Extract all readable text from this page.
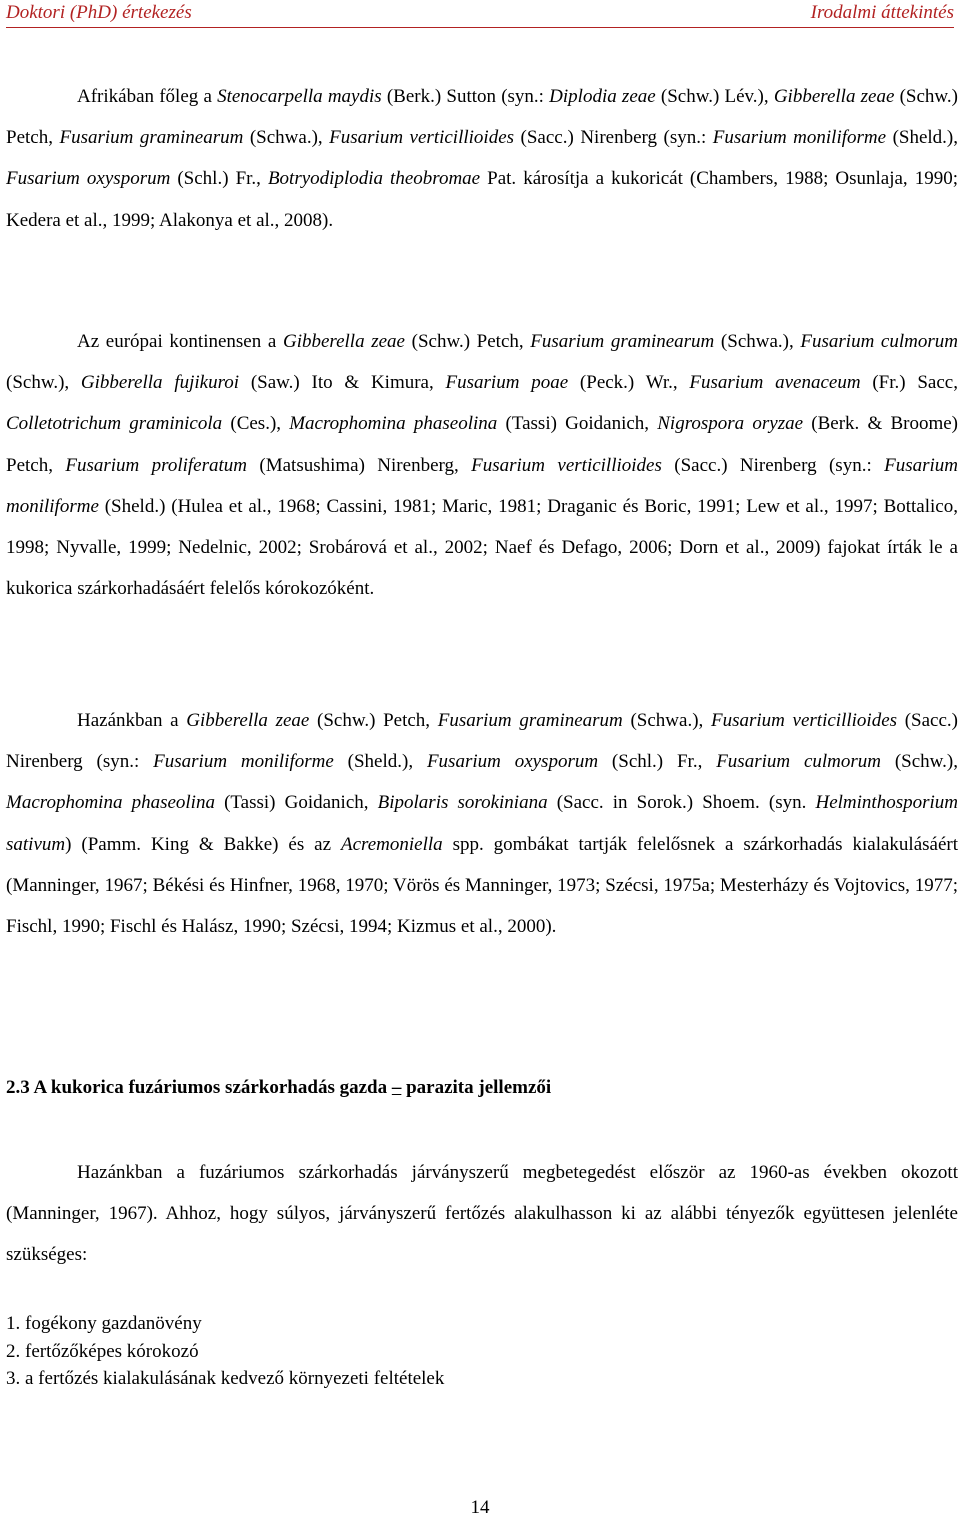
Doktori (PhD) értekezés	Irodalmi áttekintés

Afrikában főleg a Stenocarpella maydis (Berk.) Sutton (syn.: Diplodia zeae (Schw.) Lév.), Gibberella zeae (Schw.) Petch, Fusarium graminearum (Schwa.), Fusarium verticillioides (Sacc.) Nirenberg (syn.: Fusarium moniliforme (Sheld.), Fusarium oxysporum (Schl.) Fr., Botryodiplodia theobromae Pat. károsítja a kukoricát (Chambers, 1988; Osunlaja, 1990; Kedera et al., 1999; Alakonya et al., 2008).

Az európai kontinensen a Gibberella zeae (Schw.) Petch, Fusarium graminearum (Schwa.), Fusarium culmorum (Schw.), Gibberella fujikuroi (Saw.) Ito & Kimura, Fusarium poae (Peck.) Wr., Fusarium avenaceum (Fr.) Sacc, Colletotrichum graminicola (Ces.), Macrophomina phaseolina (Tassi) Goidanich, Nigrospora oryzae (Berk. & Broome) Petch, Fusarium proliferatum (Matsushima) Nirenberg, Fusarium verticillioides (Sacc.) Nirenberg (syn.: Fusarium moniliforme (Sheld.) (Hulea et al., 1968; Cassini, 1981; Maric, 1981; Draganic és Boric, 1991; Lew et al., 1997; Bottalico, 1998; Nyvalle, 1999; Nedelnic, 2002; Srobárová et al., 2002; Naef és Defago, 2006; Dorn et al., 2009) fajokat írták le a kukorica szárkorhadásáért felelős kórokozóként.

Hazánkban a Gibberella zeae (Schw.) Petch, Fusarium graminearum (Schwa.), Fusarium verticillioides (Sacc.) Nirenberg (syn.: Fusarium moniliforme (Sheld.), Fusarium oxysporum (Schl.) Fr., Fusarium culmorum (Schw.), Macrophomina phaseolina (Tassi) Goidanich, Bipolaris sorokiniana (Sacc. in Sorok.) Shoem. (syn. Helminthosporium sativum) (Pamm. King & Bakke) és az Acremoniella spp. gombákat tartják felelősnek a szárkorhadás kialakulásáért (Manninger, 1967; Békési és Hinfner, 1968, 1970; Vörös és Manninger, 1973; Szécsi, 1975a; Mesterházy és Vojtovics, 1977; Fischl, 1990; Fischl és Halász, 1990; Szécsi, 1994; Kizmus et al., 2000).

2.3 A kukorica fuzáriumos szárkorhadás gazda – parazita jellemzői

Hazánkban a fuzáriumos szárkorhadás járványszerű megbetegedést először az 1960-as években okozott (Manninger, 1967). Ahhoz, hogy súlyos, járványszerű fertőzés alakulhasson ki az alábbi tényezők együttesen jelenléte szükséges:

1. fogékony gazdanövény
2. fertőzőképes kórokozó
3. a fertőzés kialakulásának kedvező környezeti feltételek
14
